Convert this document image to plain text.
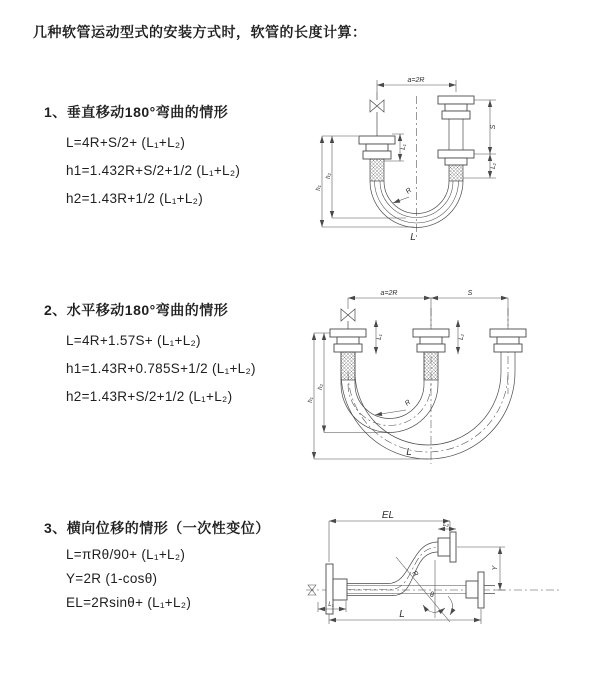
几种软管运动型式的安装方式时，软管的长度计算：
1、垂直移动180°弯曲的情形
L=4R+S/2+ (L₁+L₂)
h1=1.432R+S/2+1/2 (L₁+L₂)
h2=1.43R+1/2 (L₁+L₂)
2、水平移动180°弯曲的情形
L=4R+1.57S+ (L₁+L₂)
h1=1.43R+0.785S+1/2 (L₁+L₂)
h2=1.43R+S/2+1/2 (L₁+L₂)
3、横向位移的情形（一次性变位）
L=πRθ/90+ (L₁+L₂)
Y=2R (1-cosθ)
EL=2Rsinθ+ (L₁+L₂)
a=2R
h₁
h₂
L₁
S
L₂
R
L
a=2R	S
h₁
h₂
L₁	L₂
R
L
θ
R
EL
L₂
Y
L
L₁
